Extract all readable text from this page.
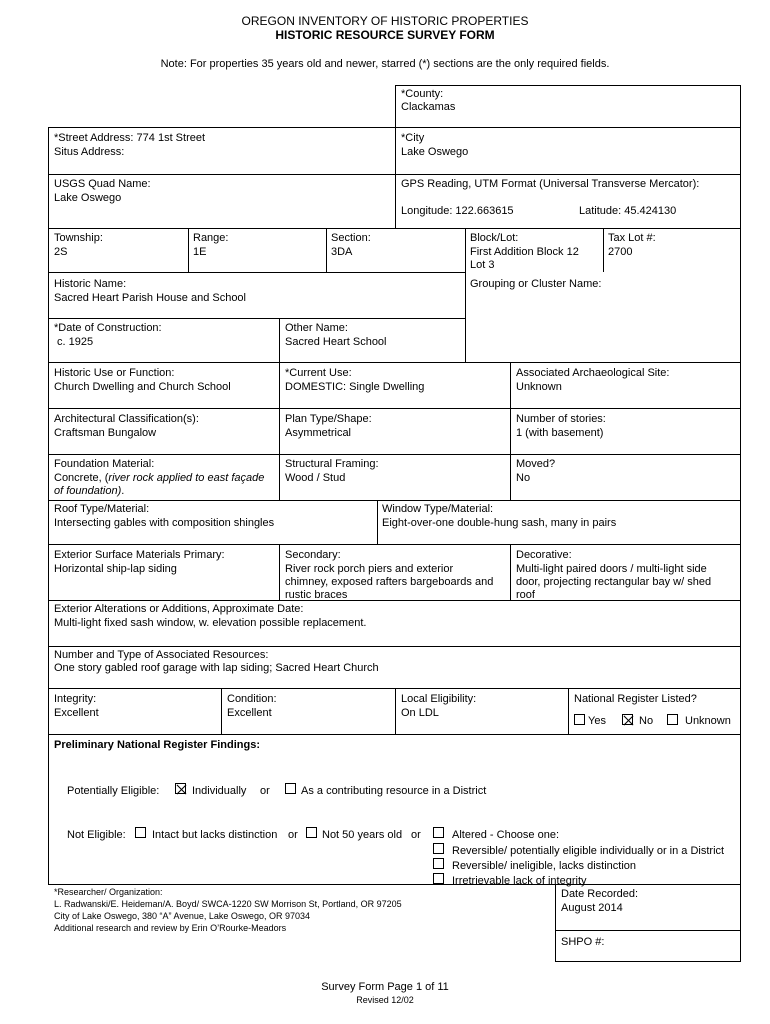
OREGON INVENTORY OF HISTORIC PROPERTIES
HISTORIC RESOURCE SURVEY FORM
Note: For properties 35 years old and newer, starred (*) sections are the only required fields.
*County:
Clackamas
*Street Address: 774 1st Street
Situs Address:
*City
Lake Oswego
USGS Quad Name:
Lake Oswego
GPS Reading, UTM Format (Universal Transverse Mercator):
Longitude: 122.663615	Latitude: 45.424130
Township:
2S
Range:
1E
Section:
3DA
Block/Lot:
First Addition Block 12
Lot 3
Tax Lot #:
2700
Historic Name:
Sacred Heart Parish House and School
Grouping or Cluster Name:
*Date of Construction:
c. 1925
Other Name:
Sacred Heart School
Historic Use or Function:
Church Dwelling and Church School
*Current Use:
DOMESTIC: Single Dwelling
Associated Archaeological Site:
Unknown
Architectural Classification(s):
Craftsman Bungalow
Plan Type/Shape:
Asymmetrical
Number of stories:
1 (with basement)
Foundation Material:
Concrete, (river rock applied to east façade
of foundation).
Structural Framing:
Wood / Stud
Moved?
No
Roof Type/Material:
Intersecting gables with composition shingles
Window Type/Material:
Eight-over-one double-hung sash, many in pairs
Exterior Surface Materials Primary:
Horizontal ship-lap siding
Secondary:
River rock porch piers and exterior
chimney, exposed rafters bargeboards and
rustic braces
Decorative:
Multi-light paired doors / multi-light side
door, projecting rectangular bay w/ shed
roof
Exterior Alterations or Additions, Approximate Date:
Multi-light fixed sash window, w. elevation possible replacement.
Number and Type of Associated Resources:
One story gabled roof garage with lap siding; Sacred Heart Church
Integrity:
Excellent
Condition:
Excellent
Local Eligibility:
On LDL
National Register Listed?
Yes	No	Unknown
Preliminary National Register Findings:
Potentially Eligible:	Individually or	As a contributing resource in a District
Not Eligible: Intact but lacks distinction or Not 50 years old or	Altered - Choose one:
Reversible/ potentially eligible individually or in a District
Reversible/ ineligible, lacks distinction
Irretrievable lack of integrity
*Researcher/ Organization:
L. Radwanski/E. Heideman/A. Boyd/ SWCA-1220 SW Morrison St, Portland, OR 97205
City of Lake Oswego, 380 “A” Avenue, Lake Oswego, OR 97034
Additional research and review by Erin O’Rourke-Meadors
Date Recorded:
August 2014
SHPO #:
Survey Form Page 1 of 11
Revised 12/02
